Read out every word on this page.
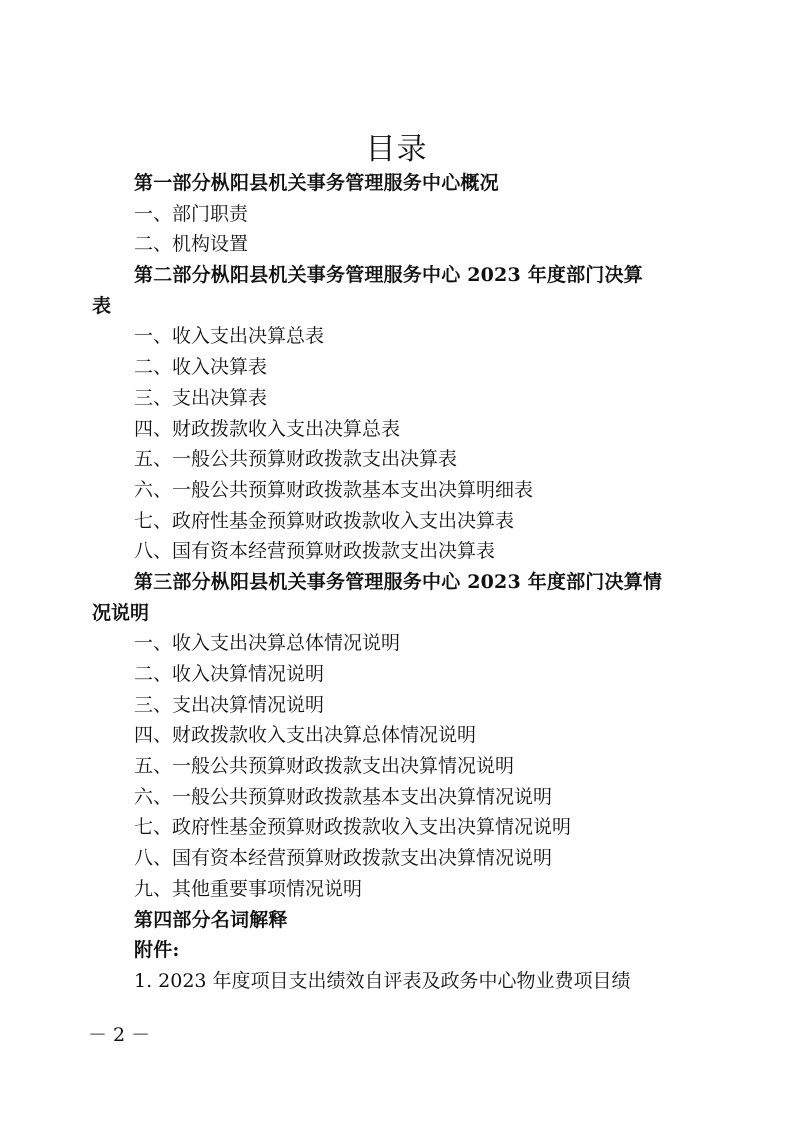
目录
第一部分枞阳县机关事务管理服务中心概况
一、部门职责
二、机构设置
第二部分枞阳县机关事务管理服务中心 2023 年度部门决算
表
一、收入支出决算总表
二、收入决算表
三、支出决算表
四、财政拨款收入支出决算总表
五、一般公共预算财政拨款支出决算表
六、一般公共预算财政拨款基本支出决算明细表
七、政府性基金预算财政拨款收入支出决算表
八、国有资本经营预算财政拨款支出决算表
第三部分枞阳县机关事务管理服务中心 2023 年度部门决算情
况说明
一、收入支出决算总体情况说明
二、收入决算情况说明
三、支出决算情况说明
四、财政拨款收入支出决算总体情况说明
五、一般公共预算财政拨款支出决算情况说明
六、一般公共预算财政拨款基本支出决算情况说明
七、政府性基金预算财政拨款收入支出决算情况说明
八、国有资本经营预算财政拨款支出决算情况说明
九、其他重要事项情况说明
第四部分名词解释
附件:
1. 2023 年度项目支出绩效自评表及政务中心物业费项目绩
－ 2 －
